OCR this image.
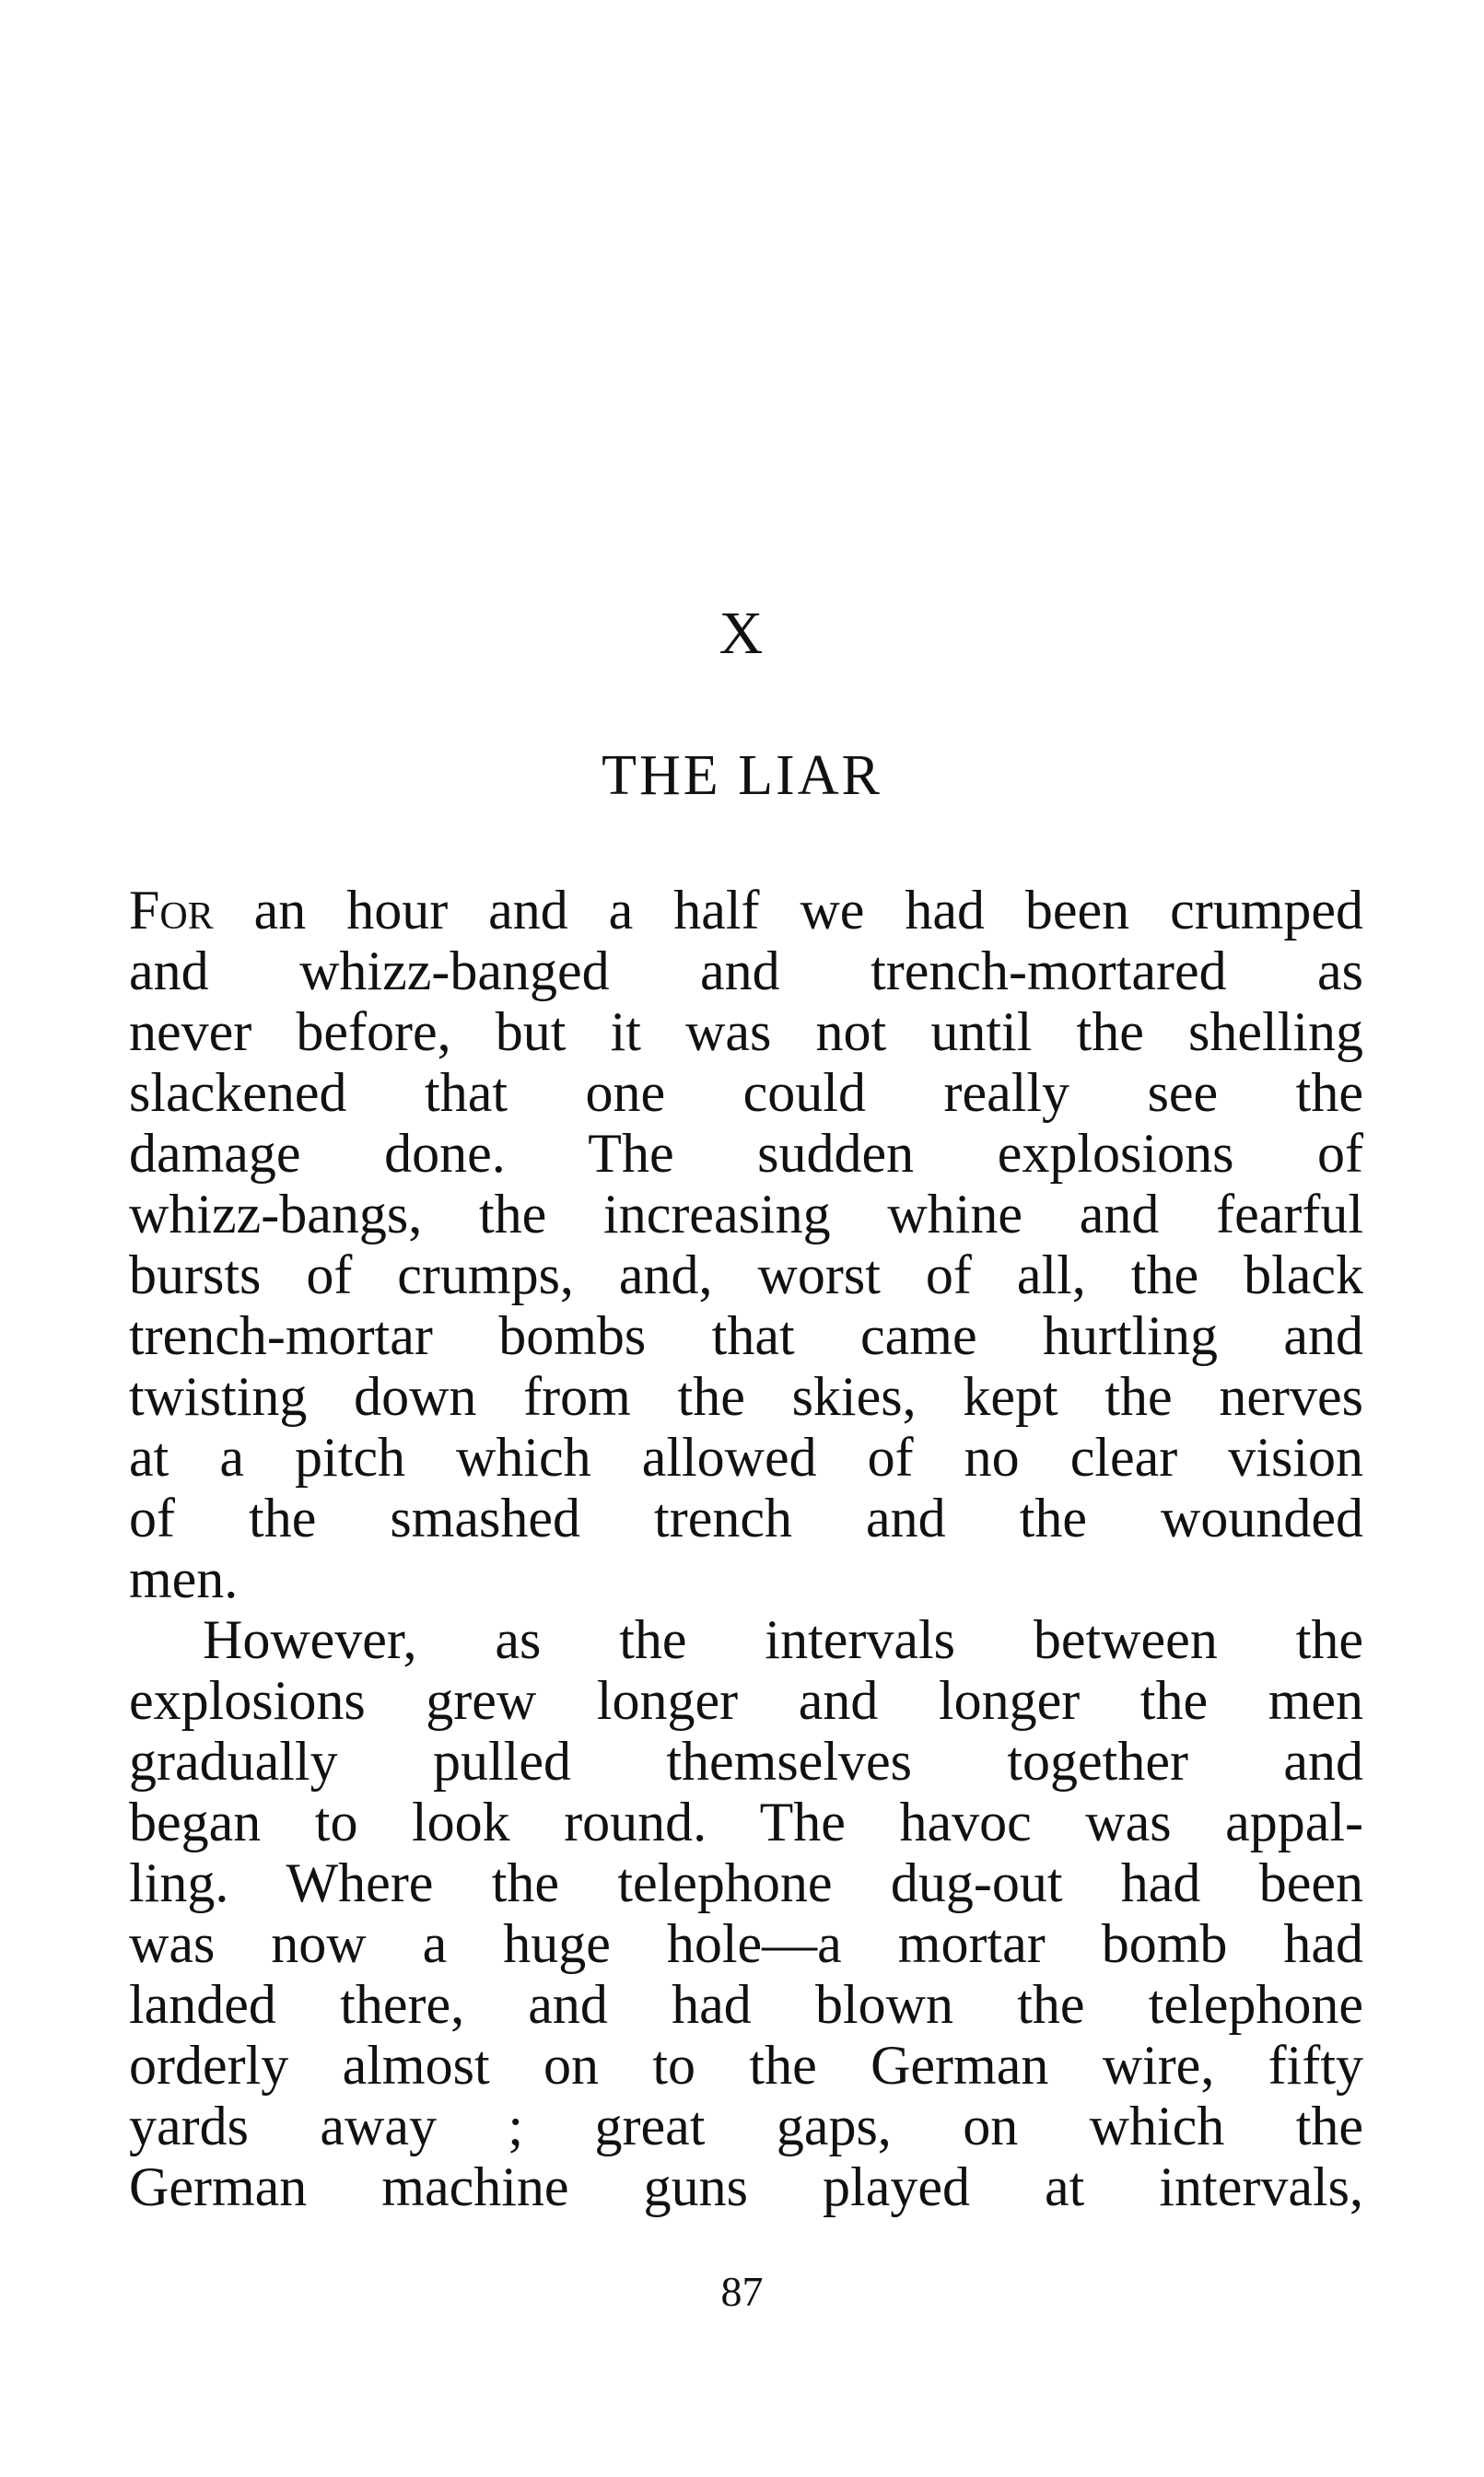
X
THE LIAR
For an hour and a half we had been crumped
and whizz-banged and trench-mortared as
never before, but it was not until the shelling
slackened that one could really see the
damage done. The sudden explosions of
whizz-bangs, the increasing whine and fearful
bursts of crumps, and, worst of all, the black
trench-mortar bombs that came hurtling and
twisting down from the skies, kept the nerves
at a pitch which allowed of no clear vision
of the smashed trench and the wounded
men.
However, as the intervals between the
explosions grew longer and longer the men
gradually pulled themselves together and
began to look round. The havoc was appal-
ling. Where the telephone dug-out had been
was now a huge hole—a mortar bomb had
landed there, and had blown the telephone
orderly almost on to the German wire, fifty
yards away ; great gaps, on which the
German machine guns played at intervals,
87
